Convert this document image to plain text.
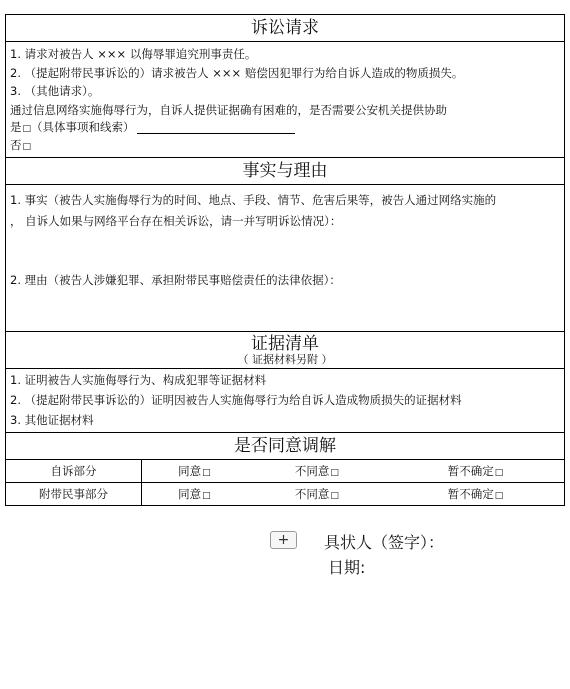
诉讼请求
1. 请求对被告人 ××× 以侮辱罪追究刑事责任。
2. （提起附带民事诉讼的）请求被告人 ××× 赔偿因犯罪行为给自诉人造成的物质损失。
3. （其他请求）。
通过信息网络实施侮辱行为，自诉人提供证据确有困难的，是否需要公安机关提供协助
是 □ （具体事项和线索）
否 □
事实与理由
1. 事实（被告人实施侮辱行为的时间、地点、手段、情节、危害后果等，被告人通过网络实施的
， 自诉人如果与网络平台存在相关诉讼，请一并写明诉讼情况）：
2. 理由（被告人涉嫌犯罪、承担附带民事赔偿责任的法律依据）：
证据清单
（ 证据材料另附 ）
1. 证明被告人实施侮辱行为、构成犯罪等证据材料
2. （提起附带民事诉讼的）证明因被告人实施侮辱行为给自诉人造成物质损失的证据材料
3. 其他证据材料
是否同意调解
自诉部分	同意 □	不同意 □	暂不确定 □
附带民事部分	同意 □	不同意 □	暂不确定 □
+	具状人（签字）：
日期:
